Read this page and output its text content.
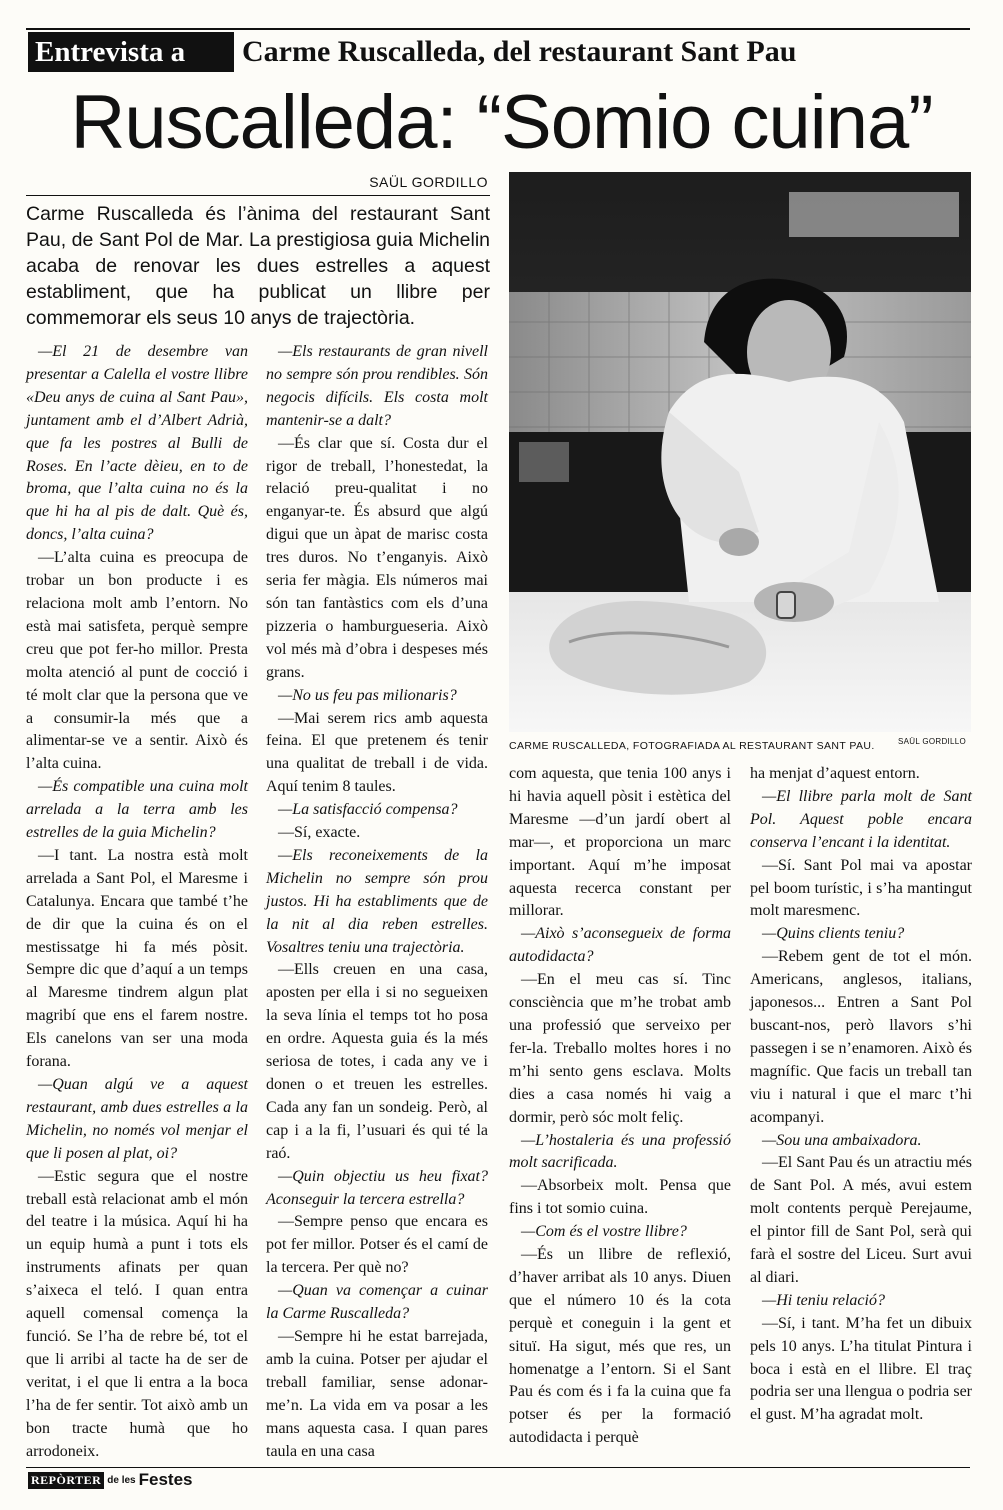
Entrevista a	Carme Ruscalleda, del restaurant Sant Pau
Ruscalleda: “Somio cuina”
SAÜL GORDILLO
Carme Ruscalleda és l’ànima del restaurant Sant Pau, de Sant Pol de Mar. La prestigiosa guia Michelin acaba de renovar les dues estrelles a aquest establiment, que ha publicat un llibre per commemorar els seus 10 anys de trajectòria.
CARME RUSCALLEDA, FOTOGRAFIADA AL RESTAURANT SANT PAU.	SAÜL GORDILLO

—El 21 de desembre van presentar a Calella el vostre llibre «Deu anys de cuina al Sant Pau», juntament amb el d’Albert Adrià, que fa les postres al Bulli de Roses. En l’acte dèieu, en to de broma, que l’alta cuina no és la que hi ha al pis de dalt. Què és, doncs, l’alta cuina?

—L’alta cuina es preocupa de trobar un bon producte i es relaciona molt amb l’entorn. No està mai satisfeta, perquè sempre creu que pot fer-ho millor. Presta molta atenció al punt de cocció i té molt clar que la persona que ve a consumir-la més que a alimentar-se ve a sentir. Això és l’alta cuina.

—És compatible una cuina molt arrelada a la terra amb les estrelles de la guia Michelin?

—I tant. La nostra està molt arrelada a Sant Pol, el Maresme i Catalunya. Encara que també t’he de dir que la cuina és on el mestissatge hi fa més pòsit. Sempre dic que d’aquí a un temps al Maresme tindrem algun plat magribí que ens el farem nostre. Els canelons van ser una moda forana.

—Quan algú ve a aquest restaurant, amb dues estrelles a la Michelin, no només vol menjar el que li posen al plat, oi?

—Estic segura que el nostre treball està relacionat amb el món del teatre i la música. Aquí hi ha un equip humà a punt i tots els instruments afinats per quan s’aixeca el teló. I quan entra aquell comensal comença la funció. Se l’ha de rebre bé, tot el que li arribi al tacte ha de ser de veritat, i el que li entra a la boca l’ha de fer sentir. Tot això amb un bon tracte humà que ho arrodoneix.

—Els restaurants de gran nivell no sempre són prou rendibles. Són negocis difícils. Els costa molt mantenir-se a dalt?

—És clar que sí. Costa dur el rigor de treball, l’honestedat, la relació preu-qualitat i no enganyar-te. És absurd que algú digui que un àpat de marisc costa tres duros. No t’enganyis. Això seria fer màgia. Els números mai són tan fantàstics com els d’una pizzeria o hamburgueseria. Això vol més mà d’obra i despeses més grans.

—No us feu pas milionaris?

—Mai serem rics amb aquesta feina. El que pretenem és tenir una qualitat de treball i de vida. Aquí tenim 8 taules.

—La satisfacció compensa?

—Sí, exacte.

—Els reconeixements de la Michelin no sempre són prou justos. Hi ha establiments que de la nit al dia reben estrelles. Vosaltres teniu una trajectòria.

—Ells creuen en una casa, aposten per ella i si no segueixen la seva línia el temps tot ho posa en ordre. Aquesta guia és la més seriosa de totes, i cada any ve i donen o et treuen les estrelles. Cada any fan un sondeig. Però, al cap i a la fi, l’usuari és qui té la raó.

—Quin objectiu us heu fixat? Aconseguir la tercera estrella?

—Sempre penso que encara es pot fer millor. Potser és el camí de la tercera. Per què no?

—Quan va començar a cuinar la Carme Ruscalleda?

—Sempre hi he estat barrejada, amb la cuina. Potser per ajudar el treball familiar, sense adonar-me’n. La vida em va posar a les mans aquesta casa. I quan pares taula en una casa

com aquesta, que tenia 100 anys i hi havia aquell pòsit i estètica del Maresme —d’un jardí obert al mar—, et proporciona un marc important. Aquí m’he imposat aquesta recerca constant per millorar.

—Això s’aconsegueix de forma autodidacta?

—En el meu cas sí. Tinc consciència que m’he trobat amb una professió que serveixo per fer-la. Treballo moltes hores i no m’hi sento gens esclava. Molts dies a casa només hi vaig a dormir, però sóc molt feliç.

—L’hostaleria és una professió molt sacrificada.

—Absorbeix molt. Pensa que fins i tot somio cuina.

—Com és el vostre llibre?

—És un llibre de reflexió, d’haver arribat als 10 anys. Diuen que el número 10 és la cota perquè et coneguin i la gent et situï. Ha sigut, més que res, un homenatge a l’entorn. Si el Sant Pau és com és i fa la cuina que fa potser és per la formació autodidacta i perquè

ha menjat d’aquest entorn.

—El llibre parla molt de Sant Pol. Aquest poble encara conserva l’encant i la identitat.

—Sí. Sant Pol mai va apostar pel boom turístic, i s’ha mantingut molt maresmenc.

—Quins clients teniu?

—Rebem gent de tot el món. Americans, anglesos, italians, japonesos... Entren a Sant Pol buscant-nos, però llavors s’hi passegen i se n’enamoren. Això és magnífic. Que facis un treball tan viu i natural i que el marc t’hi acompanyi.

—Sou una ambaixadora.

—El Sant Pau és un atractiu més de Sant Pol. A més, avui estem molt contents perquè Perejaume, el pintor fill de Sant Pol, serà qui farà el sostre del Liceu. Surt avui al diari.

—Hi teniu relació?

—Sí, i tant. M’ha fet un dibuix pels 10 anys. L’ha titulat Pintura i boca i està en el llibre. El traç podria ser una llengua o podria ser el gust. M’ha agradat molt.

REPÒRTER de les Festes
